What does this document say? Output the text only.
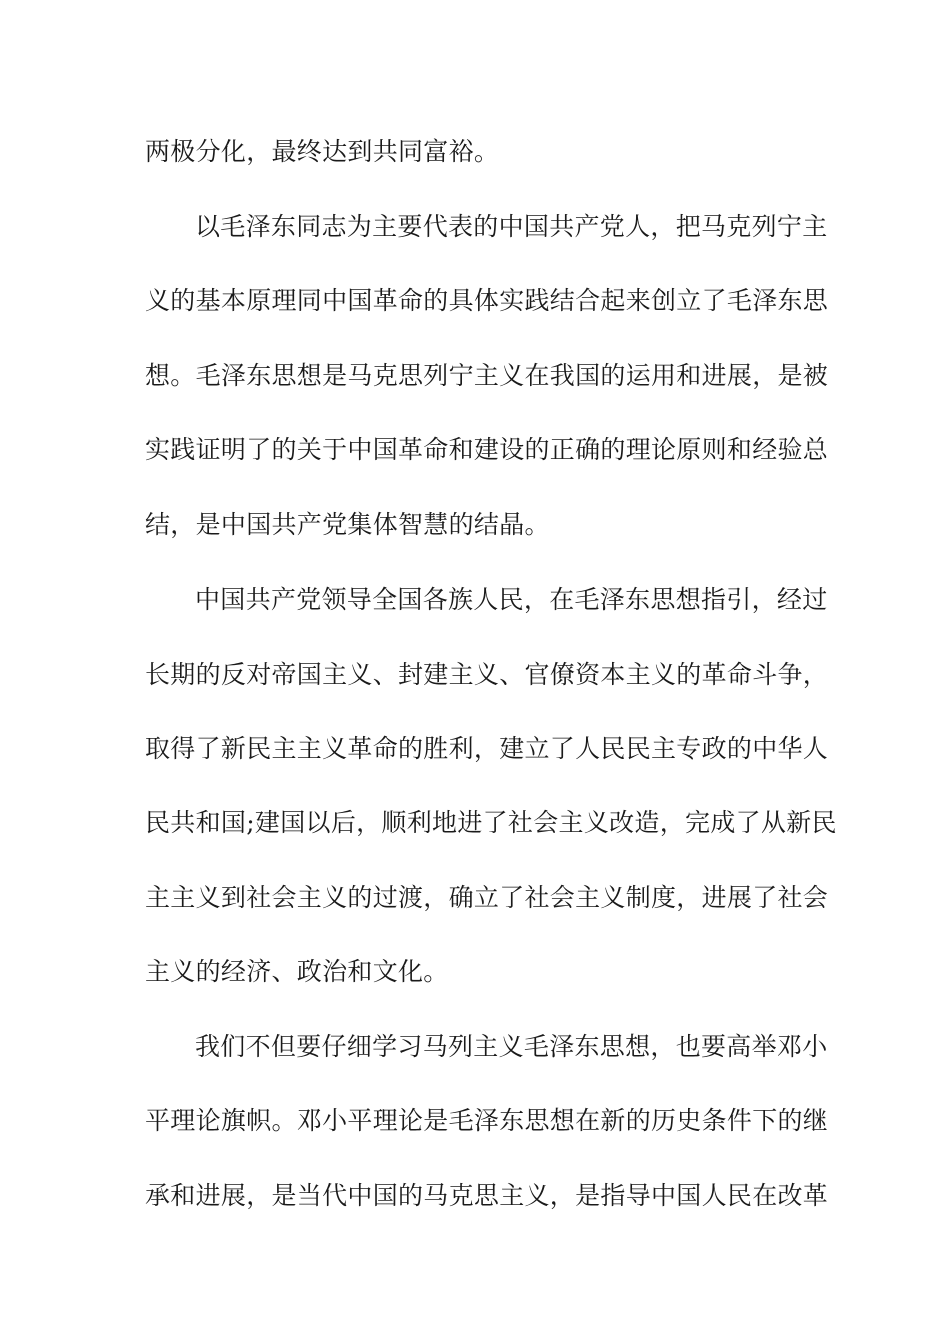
两极分化，最终达到共同富裕。
以毛泽东同志为主要代表的中国共产党人，把马克列宁主
义的基本原理同中国革命的具体实践结合起来创立了毛泽东思
想。毛泽东思想是马克思列宁主义在我国的运用和进展，是被
实践证明了的关于中国革命和建设的正确的理论原则和经验总
结，是中国共产党集体智慧的结晶。
中国共产党领导全国各族人民，在毛泽东思想指引，经过
长期的反对帝国主义、封建主义、官僚资本主义的革命斗争，
取得了新民主主义革命的胜利，建立了人民民主专政的中华人
民共和国;建国以后，顺利地进了社会主义改造，完成了从新民
主主义到社会主义的过渡，确立了社会主义制度，进展了社会
主义的经济、政治和文化。
我们不但要仔细学习马列主义毛泽东思想，也要高举邓小
平理论旗帜。邓小平理论是毛泽东思想在新的历史条件下的继
承和进展，是当代中国的马克思主义，是指导中国人民在改革
